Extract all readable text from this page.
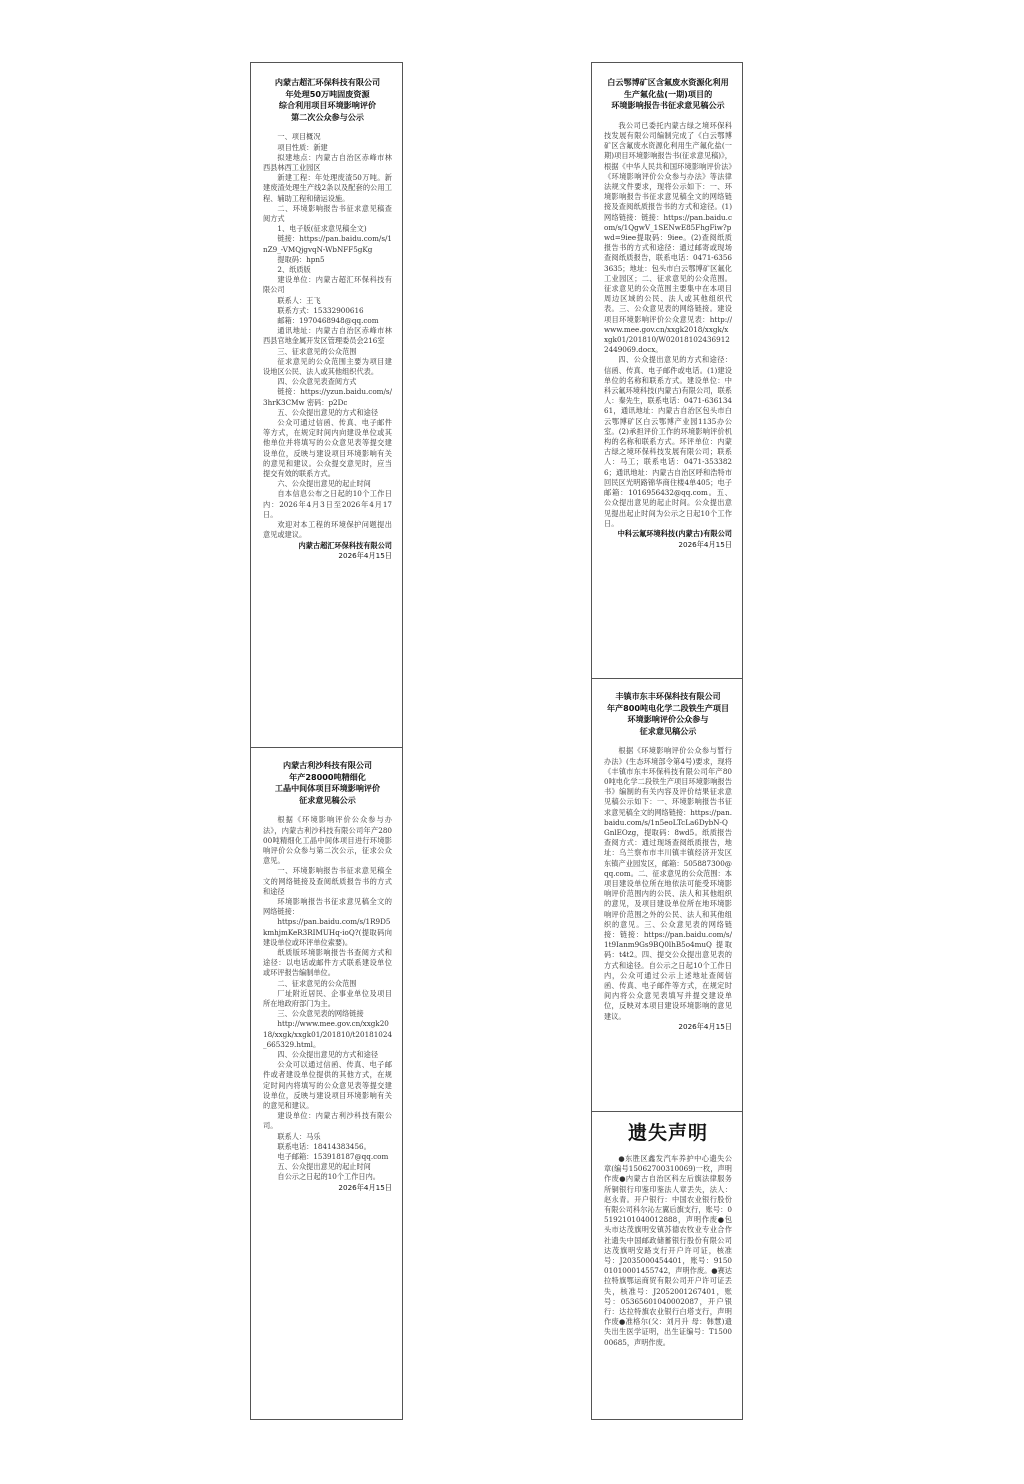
内蒙古超汇环保科技有限公司
年处理50万吨固废资源
综合利用项目环境影响评价
第二次公众参与公示

一、项目概况

项目性质：新建

拟建地点：内蒙古自治区赤峰市林西县林西工业园区

新建工程：年处理废渣50万吨。新建废渣处理生产线2条以及配套的公用工程、辅助工程和储运设施。

二、环境影响报告书征求意见稿查阅方式

1、电子版(征求意见稿全文)

链接：https://pan.baidu.com/s/1nZ9_-VMQjgvqN-WbNFF5gKg

提取码：hpn5

2、纸质版

建设单位：内蒙古超汇环保科技有限公司

联系人：王飞

联系方式：15332900616

邮箱：1970468948@qq.com

通讯地址：内蒙古自治区赤峰市林西县官地金属开发区管理委员会216室

三、征求意见的公众范围

征求意见的公众范围主要为项目建设地区公民、法人或其他组织代表。

四、公众意见表查阅方式

链接：https://yzun.baidu.com/s/3hrK3CMw 密码：p2Dc

五、公众提出意见的方式和途径

公众可通过信函、传真、电子邮件等方式，在规定时间内向建设单位或其他单位并将填写的公众意见表等提交建设单位，反映与建设项目环境影响有关的意见和建议。公众提交意见时，应当提交有效的联系方式。

六、公众提出意见的起止时间

自本信息公布之日起的10个工作日内：2026年4月3日至2026年4月17日。

欢迎对本工程的环境保护问题提出意见或建议。

内蒙古超汇环保科技有限公司

2026年4月15日

内蒙古利沙科技有限公司
年产28000吨精细化
工晶中间体项目环境影响评价
征求意见稿公示

根据《环境影响评价公众参与办法》，内蒙古利沙科技有限公司年产28000吨精细化工晶中间体项目进行环境影响评价公众参与第二次公示，征求公众意见。

一、环境影响报告书征求意见稿全文的网络链接及查阅纸质报告书的方式和途径

环境影响报告书征求意见稿全文的网络链接：

https://pan.baidu.com/s/1R9D5kmhjmKeR3RIMUHq-ioQ?(提取码向建设单位或环评单位索要)。

纸质版环境影响报告书查阅方式和途径：以电话或邮件方式联系建设单位或环评报告编制单位。

二、征求意见的公众范围

厂址附近居民、企事业单位及项目所在地政府部门为主。

三、公众意见表的网络链接

http://www.mee.gov.cn/xxgk2018/xxgk/xxgk01/201810/t20181024_665329.html。

四、公众提出意见的方式和途径

公众可以通过信函、传真、电子邮件或者建设单位提供的其他方式，在规定时间内将填写的公众意见表等提交建设单位，反映与建设项目环境影响有关的意见和建议。

建设单位：内蒙古利沙科技有限公司。

联系人：马乐

联系电话：18414383456。

电子邮箱：153918187@qq.com

五、公众提出意见的起止时间

自公示之日起的10个工作日内。

2026年4月15日

白云鄂博矿区含氟废水资源化利用
生产氟化盐(一期)项目的
环境影响报告书征求意见稿公示

我公司已委托内蒙古绿之境环保科技发展有限公司编制完成了《白云鄂博矿区含氟废水资源化利用生产氟化盐(一期)项目环境影响报告书(征求意见稿)》，根据《中华人民共和国环境影响评价法》《环境影响评价公众参与办法》等法律法规文件要求，现将公示如下：一、环境影响报告书征求意见稿全文的网络链接及查阅纸质报告书的方式和途径。(1)网络链接：链接：https://pan.baidu.com/s/1QgwV_1SENwE85FhgFiw?pwd=9iee提取码：9iee。(2)查阅纸质报告书的方式和途径：通过邮寄或现场查阅纸质报告，联系电话：0471-63563635；地址：包头市白云鄂博矿区氟化工业园区；二、征求意见的公众范围。征求意见的公众范围主要集中在本项目周边区域的公民、法人或其他组织代表。三、公众意见表的网络链接。建设项目环境影响评价公众意见表：http://www.mee.gov.cn/xxgk2018/xxgk/xxgk01/201810/W020181024369122449069.docx。

四、公众提出意见的方式和途径：信函、传真、电子邮件或电话。(1)建设单位的名称和联系方式。建设单位：中科云氟环境科技(内蒙古)有限公司，联系人：秦先生，联系电话：0471-63613461，通讯地址：内蒙古自治区包头市白云鄂博矿区白云鄂博产业园1135办公室。(2)承担评价工作的环境影响评价机构的名称和联系方式。环评单位：内蒙古绿之境环保科技发展有限公司；联系人：马工；联系电话：0471-3533826；通讯地址：内蒙古自治区呼和浩特市回民区光明路锦华商住楼4单405；电子邮箱：1016956432@qq.com。五、公众提出意见的起止时间。公众提出意见提出起止时间为公示之日起10个工作日。

中科云氟环境科技(内蒙古)有限公司

2026年4月15日

丰镇市东丰环保科技有限公司
年产800吨电化学二段铁生产项目
环境影响评价公众参与
征求意见稿公示

根据《环境影响评价公众参与暂行办法》(生态环境部令第4号)要求，现将《丰镇市东丰环保科技有限公司年产800吨电化学二段铁生产项目环境影响报告书》编制的有关内容及评价结果征求意见稿公示如下：一、环境影响报告书征求意见稿全文的网络链接：https://pan.baidu.com/s/1n5eoLTcLa6DybN-QGnlEOzg，提取码：8wd5。纸质报告查阅方式：通过现场查阅纸质报告，地址：乌兰察布市丰川镇丰镇经济开发区东镇产业园发区，邮箱：505887300@qq.com。二、征求意见的公众范围：本项目建设单位所在地依法可能受环境影响评价范围内的公民、法人和其他组织的意见，及项目建设单位所在地环境影响评价范围之外的公民、法人和其他组织的意见。三、公众意见表的网络链接：链接：https://pan.baidu.com/s/1t9Ianm9Gs9BQ0lhB5o4muQ 提取码：t4t2。四、提交公众提出意见表的方式和途径。自公示之日起10个工作日内，公众可通过公示上述地址查阅信函、传真、电子邮件等方式，在规定时间内将公众意见表填写并提交建设单位，反映对本项目建设环境影响的意见建议。

2026年4月15日

遗失声明

●东胜区鑫发汽车养护中心遗失公章(编号15062700310069)一枚，声明作废●内蒙古自治区科左后旗法律服务所铜银行印鉴印鉴法人章丢失，法人：赵永青。开户银行：中国农业银行股份有限公司科尔沁左翼后旗支行，账号：05192101040012888，声明作废●包头市达茂旗明安镇苏德农牧业专业合作社遗失中国邮政储蓄银行股份有限公司达茂旗明安路支行开户许可证，核准号：J2035000454401，账号：915001010001455742，声明作废。●赛达拉特旗鄂运商贸有限公司开户许可证丢失，核准号：J2052001267401，账号：05365601040002087，开户银行：达拉特旗农业银行白塔支行，声明作废●准格尔(父：刘月升 母：韩慧)遗失出生医学证明，出生证编号：T150000685，声明作废。
